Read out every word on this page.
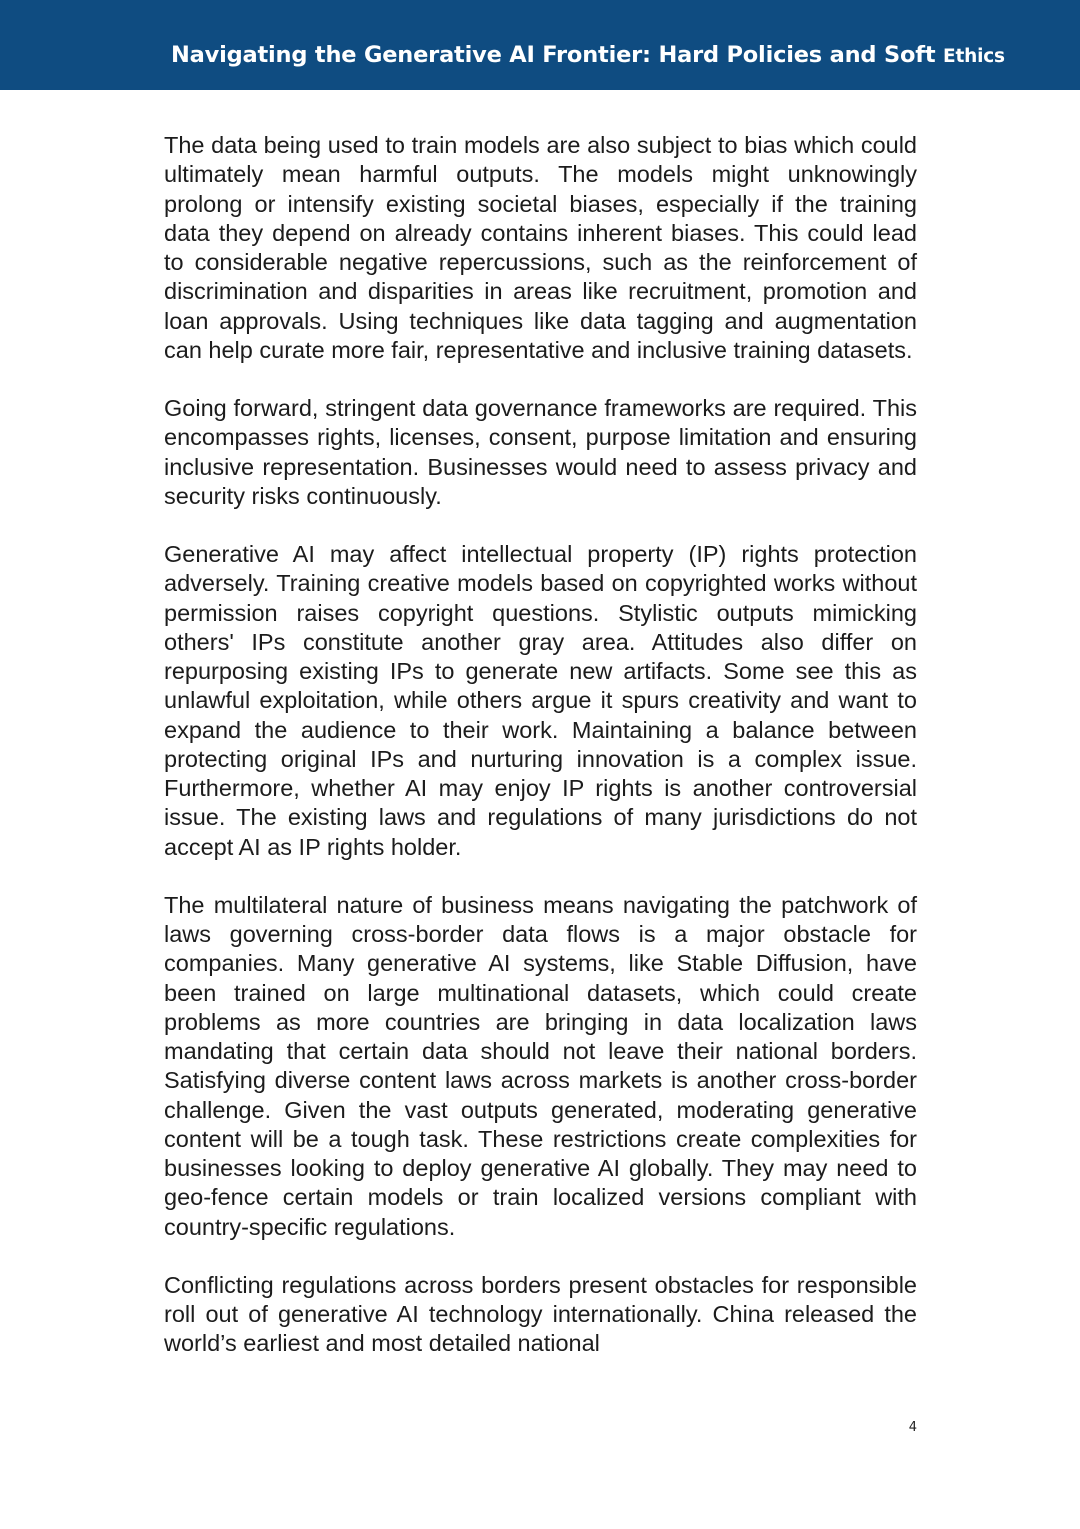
Navigating the Generative AI Frontier: Hard Policies and Soft Ethics

The data being used to train models are also subject to bias which could ultimately mean harmful outputs. The models might unknowingly prolong or intensify existing societal biases, especially if the training data they depend on already contains inherent biases. This could lead to considerable negative repercussions, such as the reinforcement of discrimination and disparities in areas like recruitment, promotion and loan approvals. Using techniques like data tagging and augmentation can help curate more fair, representative and inclusive training datasets.

Going forward, stringent data governance frameworks are required. This encompasses rights, licenses, consent, purpose limitation and ensuring inclusive representation. Businesses would need to assess privacy and security risks continuously.

Generative AI may affect intellectual property (IP) rights protection adversely. Training creative models based on copyrighted works without permission raises copyright questions. Stylistic outputs mimicking others' IPs constitute another gray area. Attitudes also differ on repurposing existing IPs to generate new artifacts. Some see this as unlawful exploitation, while others argue it spurs creativity and want to expand the audience to their work. Maintaining a balance between protecting original IPs and nurturing innovation is a complex issue. Furthermore, whether AI may enjoy IP rights is another controversial issue. The existing laws and regulations of many jurisdictions do not accept AI as IP rights holder.

The multilateral nature of business means navigating the patchwork of laws governing cross-border data flows is a major obstacle for companies. Many generative AI systems, like Stable Diffusion, have been trained on large multinational datasets, which could create problems as more countries are bringing in data localization laws mandating that certain data should not leave their national borders. Satisfying diverse content laws across markets is another cross-border challenge. Given the vast outputs generated, moderating generative content will be a tough task. These restrictions create complexities for businesses looking to deploy generative AI globally. They may need to geo-fence certain models or train localized versions compliant with country-specific regulations.

Conflicting regulations across borders present obstacles for responsible roll out of generative AI technology internationally. China released the world’s earliest and most detailed national

4
